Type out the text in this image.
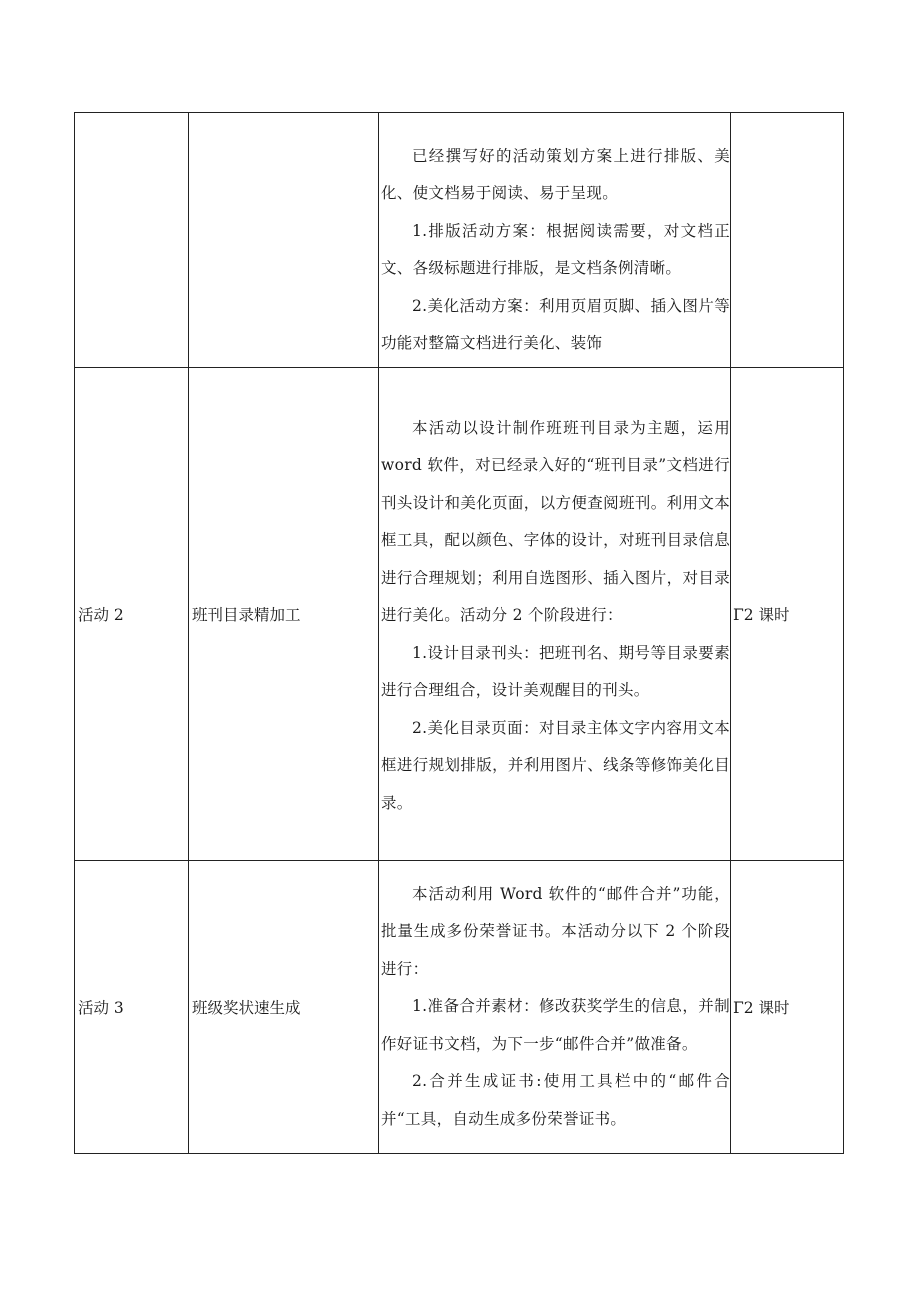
		已经撰写好的活动策划方案上进行排版、美化、使文档易于阅读、易于呈现。

1.排版活动方案：根据阅读需要，对文档正文、各级标题进行排版，是文档条例清晰。

2.美化活动方案：利用页眉页脚、插入图片等功能对整篇文档进行美化、装饰	

活动 2	班刊目录精加工	本活动以设计制作班班刊目录为主题，运用 word 软件，对已经录入好的“班刊目录”文档进行刊头设计和美化页面，以方便查阅班刊。利用文本框工具，配以颜色、字体的设计，对班刊目录信息进行合理规划；利用自选图形、插入图片，对目录进行美化。活动分 2 个阶段进行：

1.设计目录刊头：把班刊名、期号等目录要素进行合理组合，设计美观醒目的刊头。

2.美化目录页面：对目录主体文字内容用文本框进行规划排版，并利用图片、线条等修饰美化目录。	Γ2 课时
活动 3	班级奖状速生成	本活动利用 Word 软件的“邮件合并”功能，批量生成多份荣誉证书。本活动分以下 2 个阶段进行：

1.准备合并素材：修改获奖学生的信息，并制作好证书文档，为下一步“邮件合并”做准备。

2.合并生成证书:使用工具栏中的“邮件合并“工具，自动生成多份荣誉证书。	Γ2 课时
